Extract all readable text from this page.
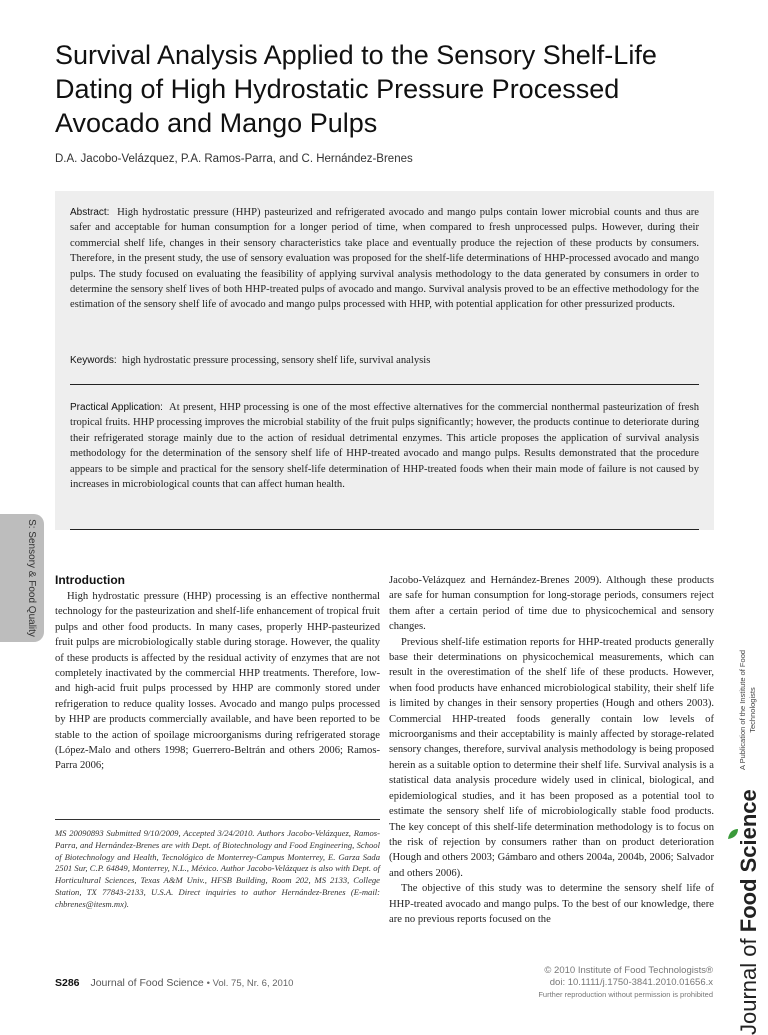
Survival Analysis Applied to the Sensory Shelf-Life Dating of High Hydrostatic Pressure Processed Avocado and Mango Pulps
D.A. Jacobo-Velázquez, P.A. Ramos-Parra, and C. Hernández-Brenes
Abstract: High hydrostatic pressure (HHP) pasteurized and refrigerated avocado and mango pulps contain lower microbial counts and thus are safer and acceptable for human consumption for a longer period of time, when compared to fresh unprocessed pulps. However, during their commercial shelf life, changes in their sensory characteristics take place and eventually produce the rejection of these products by consumers. Therefore, in the present study, the use of sensory evaluation was proposed for the shelf-life determinations of HHP-processed avocado and mango pulps. The study focused on evaluating the feasibility of applying survival analysis methodology to the data generated by consumers in order to determine the sensory shelf lives of both HHP-treated pulps of avocado and mango. Survival analysis proved to be an effective methodology for the estimation of the sensory shelf life of avocado and mango pulps processed with HHP, with potential application for other pressurized products.
Keywords: high hydrostatic pressure processing, sensory shelf life, survival analysis
Practical Application: At present, HHP processing is one of the most effective alternatives for the commercial nonthermal pasteurization of fresh tropical fruits. HHP processing improves the microbial stability of the fruit pulps significantly; however, the products continue to deteriorate during their refrigerated storage mainly due to the action of residual detrimental enzymes. This article proposes the application of survival analysis methodology for the determination of the sensory shelf life of HHP-treated avocado and mango pulps. Results demonstrated that the procedure appears to be simple and practical for the sensory shelf-life determination of HHP-treated foods when their main mode of failure is not caused by increases in microbiological counts that can affect human health.
S: Sensory & Food Quality Introduction

High hydrostatic pressure (HHP) processing is an effective nonthermal technology for the pasteurization and shelf-life enhancement of tropical fruit pulps and other food products. In many cases, properly HHP-pasteurized fruit pulps are microbiologically stable during storage. However, the quality of these products is affected by the residual activity of enzymes that are not completely inactivated by the commercial HHP treatments. Therefore, low- and high-acid fruit pulps processed by HHP are commonly stored under refrigeration to reduce quality losses. Avocado and mango pulps processed by HHP are products commercially available, and have been reported to be stable to the action of spoilage microorganisms during refrigerated storage (López-Malo and others 1998; Guerrero-Beltrán and others 2006; Ramos-Parra 2006;

Jacobo-Velázquez and Hernández-Brenes 2009). Although these products are safe for human consumption for long-storage periods, consumers reject them after a certain period of time due to physicochemical and sensory changes.

Previous shelf-life estimation reports for HHP-treated products generally base their determinations on physicochemical measurements, which can result in the overestimation of the shelf life of these products. However, when food products have enhanced microbiological stability, their shelf life is limited by changes in their sensory properties (Hough and others 2003). Commercial HHP-treated foods generally contain low levels of microorganisms and their acceptability is mainly affected by storage-related sensory changes, therefore, survival analysis methodology is being proposed herein as a suitable option to determine their shelf life. Survival analysis is a statistical data analysis procedure widely used in clinical, biological, and epidemiological studies, and it has been proposed as a potential tool to estimate the sensory shelf life of microbiologically stable food products. The key concept of this shelf-life determination methodology is to focus on the risk of rejection by consumers rather than on product deterioration (Hough and others 2003; Gámbaro and others 2004a, 2004b, 2006; Salvador and others 2006).

The objective of this study was to determine the sensory shelf life of HHP-treated avocado and mango pulps. To the best of our knowledge, there are no previous reports focused on the

MS 20090893 Submitted 9/10/2009, Accepted 3/24/2010. Authors Jacobo-Velázquez, Ramos-Parra, and Hernández-Brenes are with Dept. of Biotechnology and Food Engineering, School of Biotechnology and Health, Tecnológico de Monterrey-Campus Monterrey, E. Garza Sada 2501 Sur, C.P. 64849, Monterrey, N.L., México. Author Jacobo-Velázquez is also with Dept. of Horticultural Sciences, Texas A&M Univ., HFSB Building, Room 202, MS 2133, College Station, TX 77843-2133, U.S.A. Direct inquiries to author Hernández-Brenes (E-mail: chbrenes@itesm.mx).
S286 Journal of Food Science • Vol. 75, Nr. 6, 2010
© 2010 Institute of Food Technologists®
doi: 10.1111/j.1750-3841.2010.01656.x
Further reproduction without permission is prohibited
A Publication of the Institute of Food Technologists
Journal of Food Science
